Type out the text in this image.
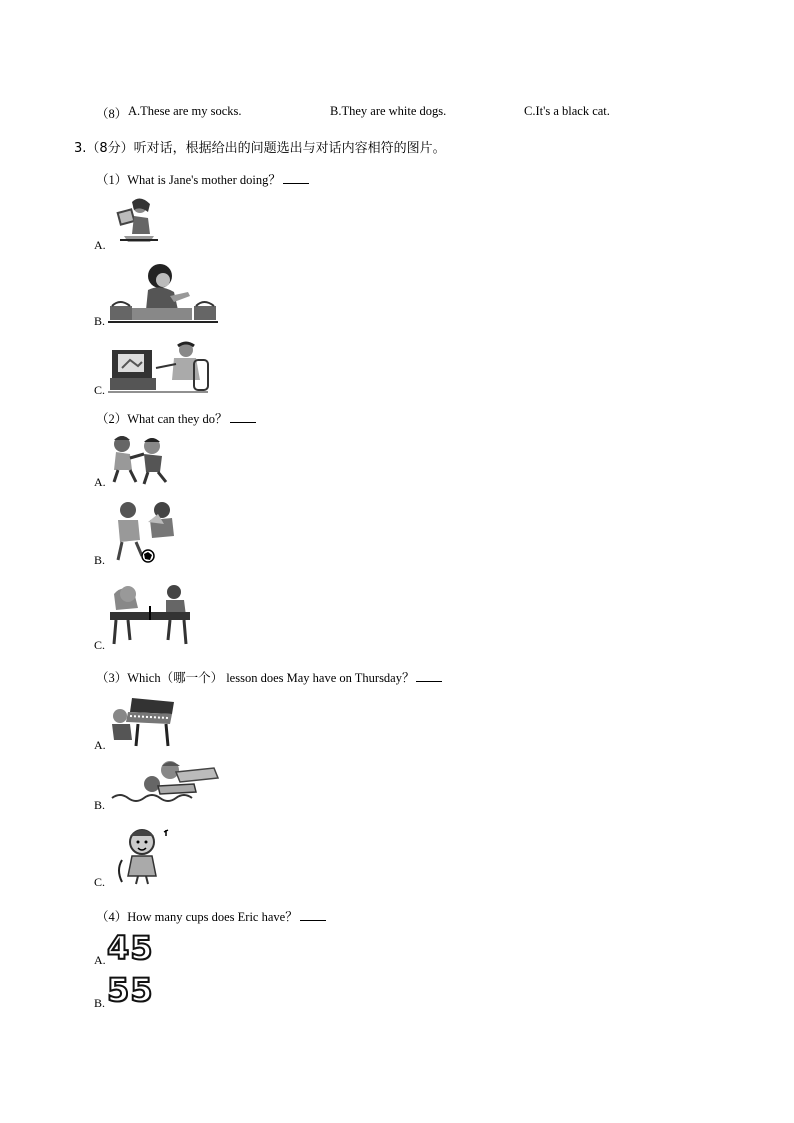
（8） A.These are my socks.	B.They are white dogs.	C.It's a black cat.
3.（8分）听对话，根据给出的问题选出与对话内容相符的图片。
（1）What is Jane's mother doing？
A.
B.
C.
（2）What can they do？
A.
B.
C.
（3）Which（哪一个） lesson does May have on Thursday？
A.
B.
C.
（4）How many cups does Eric have？
A. 45
B. 55
